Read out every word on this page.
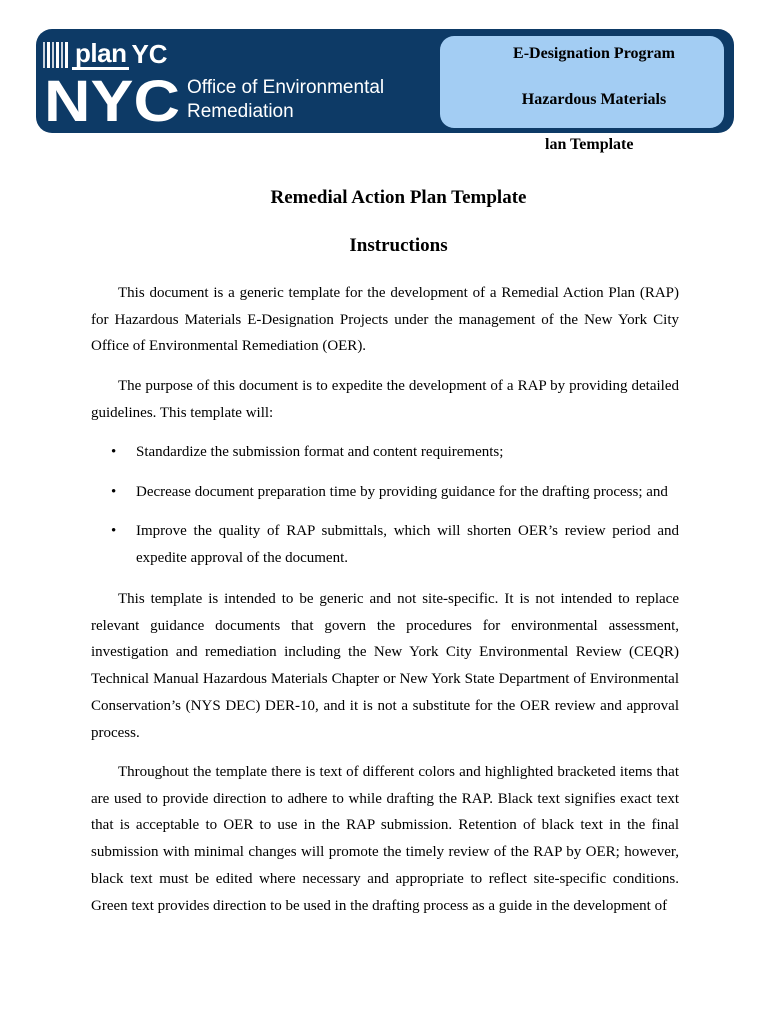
plan YC
NYC Office of Environmental
Remediation
E-Designation Program
Hazardous Materials
lan Template
Remedial Action Plan Template
Instructions

This document is a generic template for the development of a Remedial Action Plan (RAP) for Hazardous Materials E-Designation Projects under the management of the New York City Office of Environmental Remediation (OER).

The purpose of this document is to expedite the development of a RAP by providing detailed guidelines. This template will:

• Standardize the submission format and content requirements;
• Decrease document preparation time by providing guidance for the drafting process; and
• Improve the quality of RAP submittals, which will shorten OER’s review period and expedite approval of the document.

This template is intended to be generic and not site-specific. It is not intended to replace relevant guidance documents that govern the procedures for environmental assessment, investigation and remediation including the New York City Environmental Review (CEQR) Technical Manual Hazardous Materials Chapter or New York State Department of Environmental Conservation’s (NYS DEC) DER-10, and it is not a substitute for the OER review and approval process.

Throughout the template there is text of different colors and highlighted bracketed items that are used to provide direction to adhere to while drafting the RAP. Black text signifies exact text that is acceptable to OER to use in the RAP submission. Retention of black text in the final submission with minimal changes will promote the timely review of the RAP by OER; however, black text must be edited where necessary and appropriate to reflect site-specific conditions. Green text provides direction to be used in the drafting process as a guide in the development of
